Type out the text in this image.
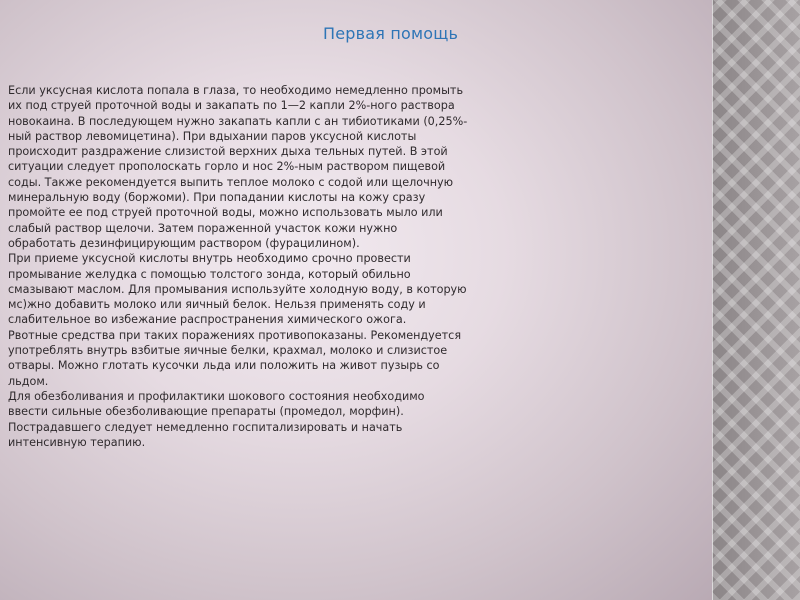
Первая помощь

Если уксусная кислота попала в глаза, то необходимо немедленно промыть их под струей проточной воды и закапать по 1—2 капли 2%-ного раствора новокаина. В последующем нужно закапать капли с ан тибиотиками (0,25%-ный раствор левомицетина). При вдыхании паров уксусной кислоты происходит раздражение слизистой верхних дыха тельных путей. В этой ситуации следует прополоскать горло и нос 2%-ным раствором пищевой соды. Также рекомендуется выпить теплое молоко с содой или щелочную минеральную воду (боржоми). При попадании кислоты на кожу сразу промойте ее под струей проточной воды, можно использовать мыло или слабый раствор щелочи. Затем пораженной участок кожи нужно обработать дезинфицирующим раствором (фурацилином).

При приеме уксусной кислоты внутрь необходимо срочно провести промывание желудка с помощью толстого зонда, который обильно смазывают маслом. Для промывания используйте холодную воду, в которую мс)жно добавить молоко или яичный белок. Нельзя применять соду и слабительное во избежание распространения химического ожога.

Рвотные средства при таких поражениях противопоказаны. Рекомендуется употреблять внутрь взбитые яичные белки, крахмал, молоко и слизистое отвары. Можно глотать кусочки льда или положить на живот пузырь со льдом.

Для обезболивания и профилактики шокового состояния необходимо ввести сильные обезболивающие препараты (промедол, морфин). Пострадавшего следует немедленно госпитализировать и начать интенсивную терапию.
